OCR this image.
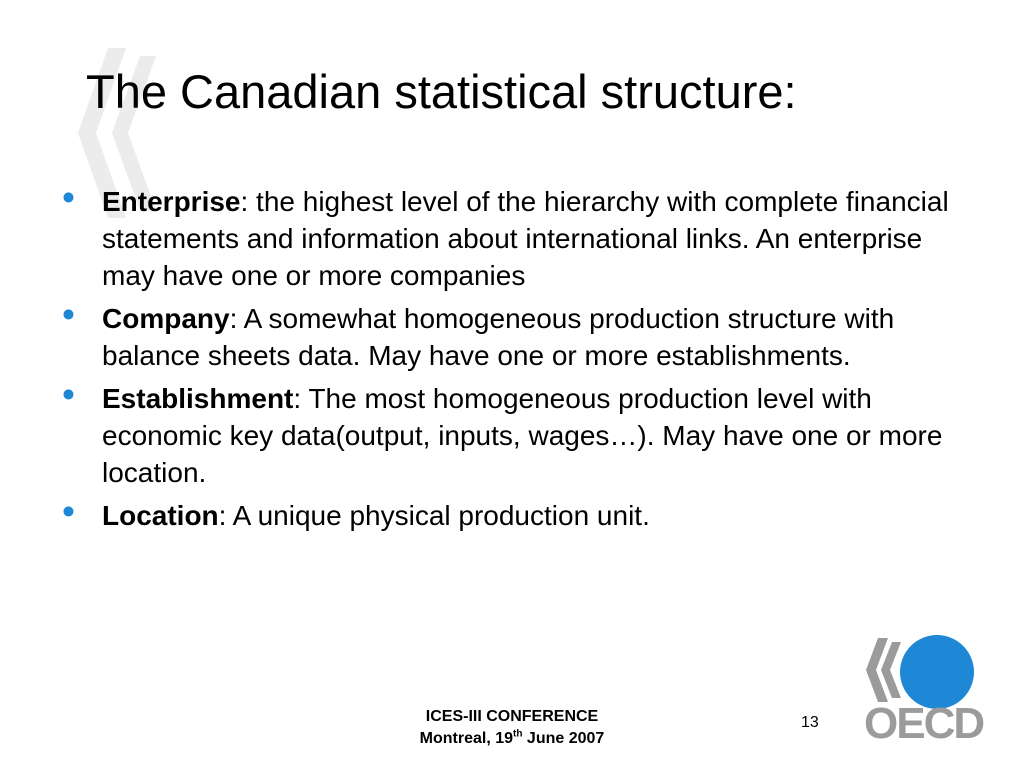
The Canadian statistical structure:
• Enterprise: the highest level of the hierarchy with complete financial statements and information about international links. An enterprise may have one or more companies
• Company: A somewhat homogeneous production structure with balance sheets data. May have one or more establishments.
• Establishment: The most homogeneous production level with economic key data(output, inputs, wages…). May have one or more location.
• Location: A unique physical production unit.
ICES-III CONFERENCE
Montreal, 19th June 2007
13 OECD
